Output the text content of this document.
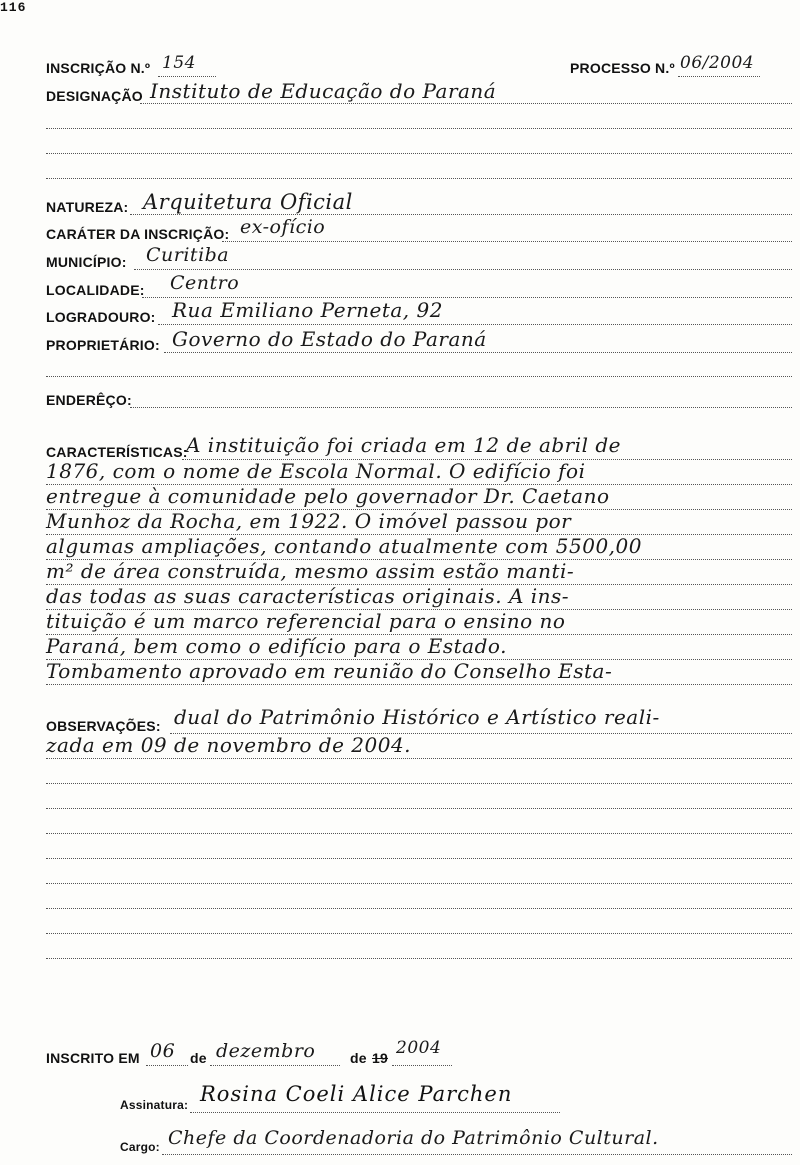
116
INSCRIÇÃO N.º 154	PROCESSO N.º 06/2004
DESIGNAÇÃO Instituto de Educação do Paraná
NATUREZA: Arquitetura Oficial
CARÁTER DA INSCRIÇÃO: ex-ofício
MUNICÍPIO: Curitiba
LOCALIDADE: Centro
LOGRADOURO: Rua Emiliano Perneta, 92
PROPRIETÁRIO: Governo do Estado do Paraná
ENDERÊÇO:
CARACTERÍSTICAS:
A instituição foi criada em 12 de abril de
1876, com o nome de Escola Normal. O edifício foi
entregue à comunidade pelo governador Dr. Caetano
Munhoz da Rocha, em 1922. O imóvel passou por
algumas ampliações, contando atualmente com 5500,00
m² de área construída, mesmo assim estão manti-
das todas as suas características originais. A ins-
tituição é um marco referencial para o ensino no
Paraná, bem como o edifício para o Estado.
Tombamento aprovado em reunião do Conselho Esta-
OBSERVAÇÕES: dual do Patrimônio Histórico e Artístico reali-
zada em 09 de novembro de 2004.
INSCRITO EM 06 de dezembro de 19 2004
Assinatura: Rosina Coeli Alice Parchen
Cargo: Chefe da Coordenadoria do Patrimônio Cultural.
